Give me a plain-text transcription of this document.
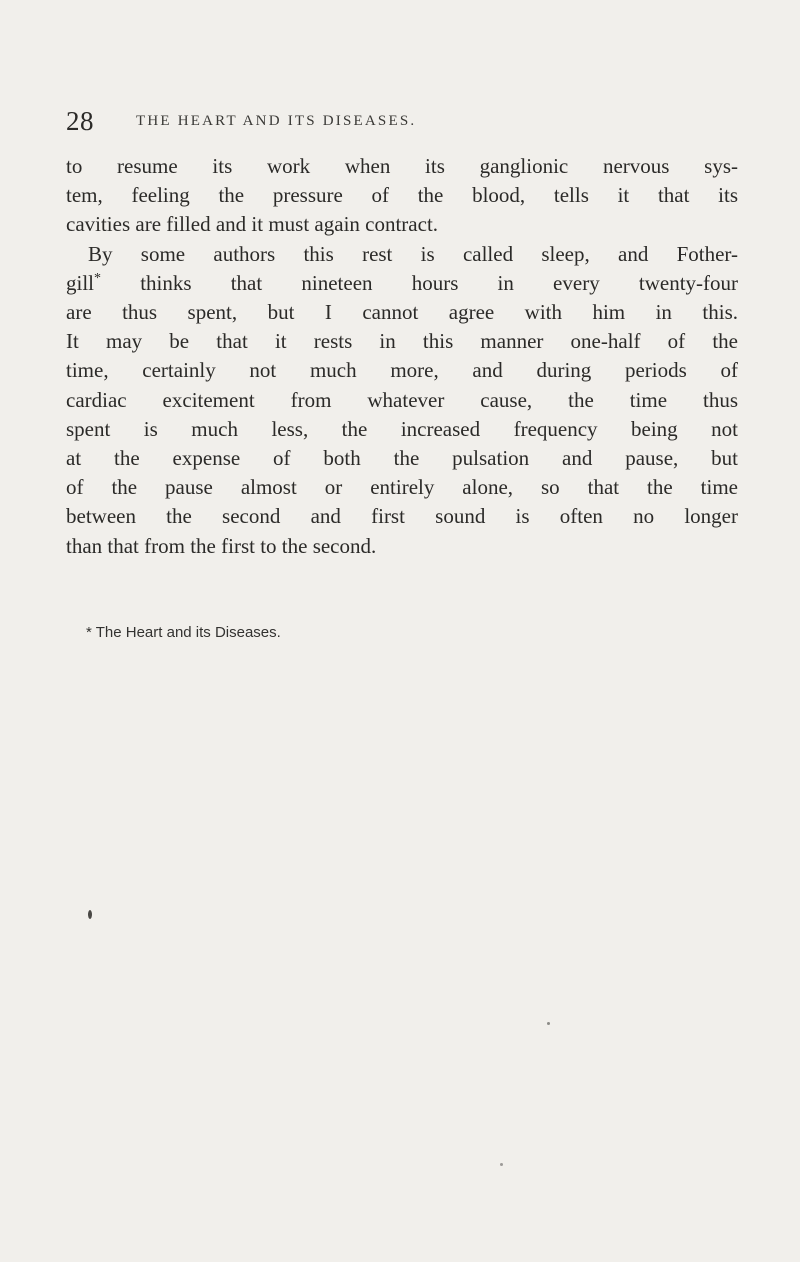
28	THE HEART AND ITS DISEASES.
to resume its work when its ganglionic nervous sys-
tem, feeling the pressure of the blood, tells it that its
cavities are filled and it must again contract.
By some authors this rest is called sleep, and Fother-
gill* thinks that nineteen hours in every twenty-four
are thus spent, but I cannot agree with him in this.
It may be that it rests in this manner one-half of the
time, certainly not much more, and during periods of
cardiac excitement from whatever cause, the time thus
spent is much less, the increased frequency being not
at the expense of both the pulsation and pause, but
of the pause almost or entirely alone, so that the time
between the second and first sound is often no longer
than that from the first to the second.
* The Heart and its Diseases.
